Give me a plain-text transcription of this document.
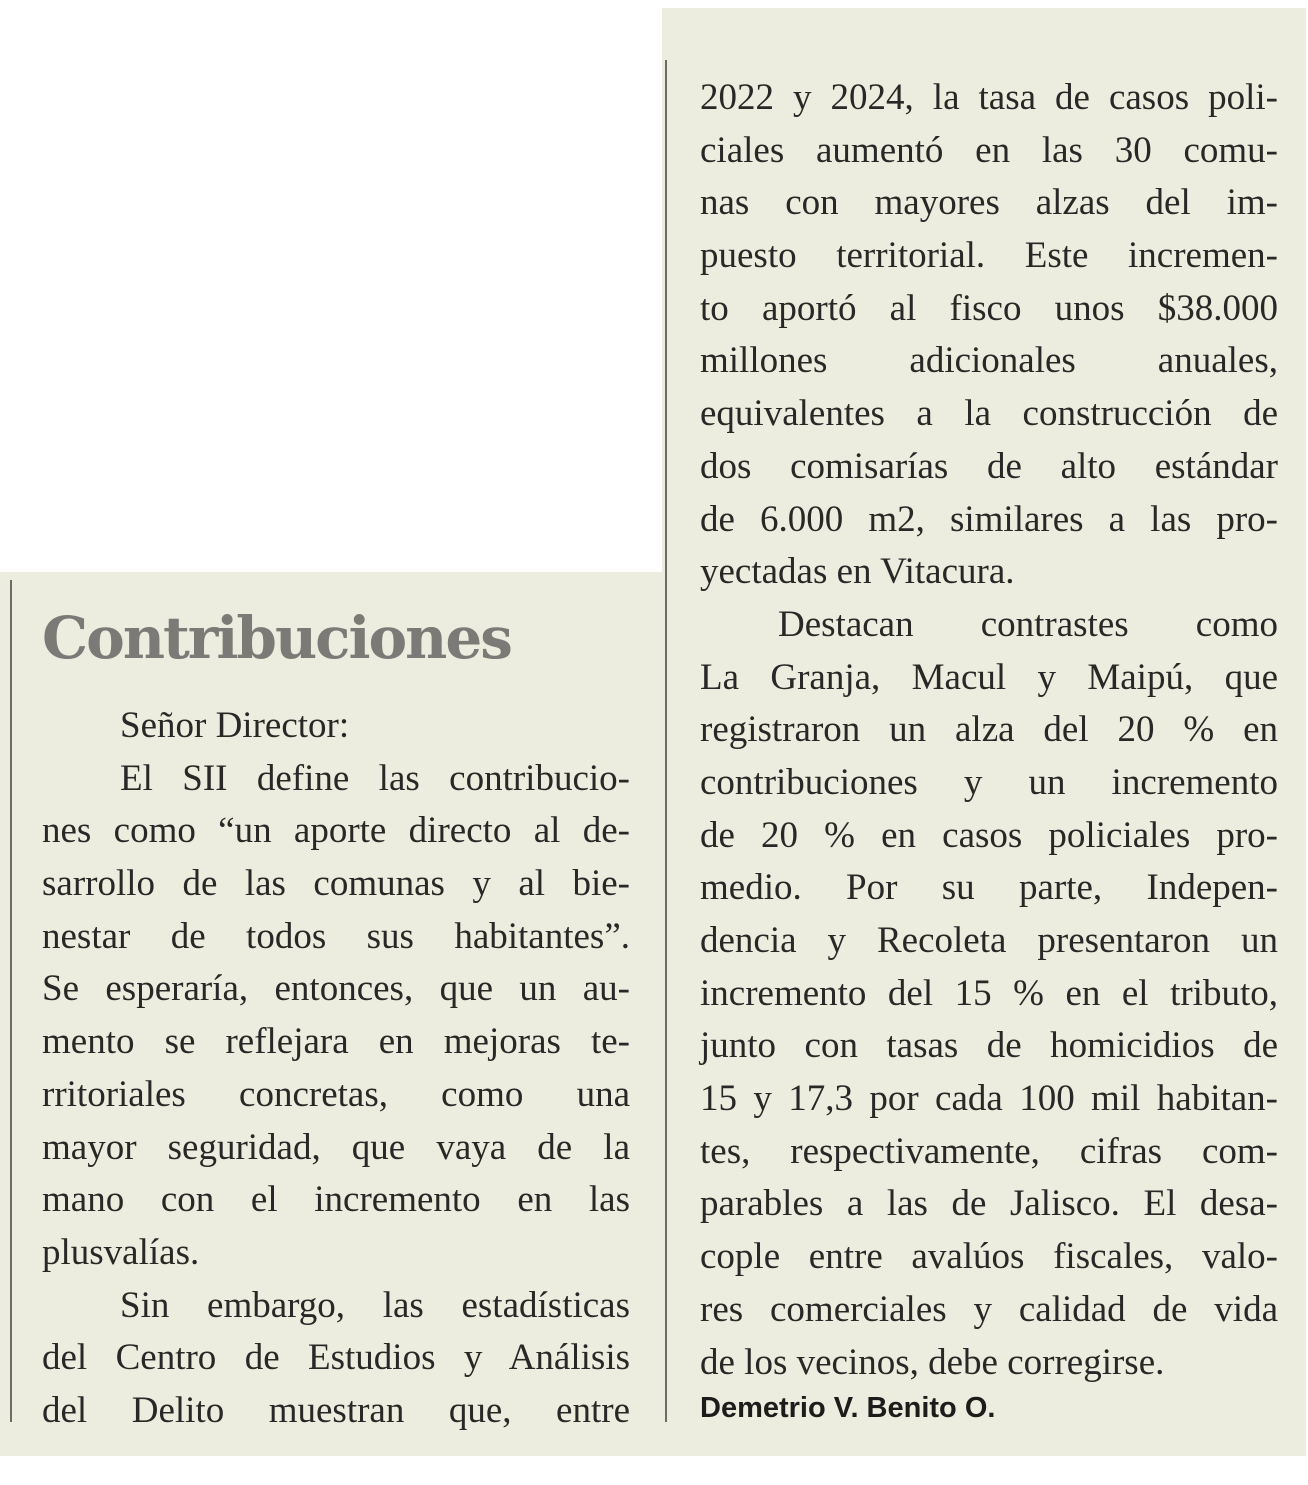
Contribuciones
Señor Director:
El SII define las contribucio-
nes como “un aporte directo al de-
sarrollo de las comunas y al bie-
nestar de todos sus habitantes”.
Se esperaría, entonces, que un au-
mento se reflejara en mejoras te-
rritoriales concretas, como una
mayor seguridad, que vaya de la
mano con el incremento en las
plusvalías.
Sin embargo, las estadísticas
del Centro de Estudios y Análisis
del Delito muestran que, entre
2022 y 2024, la tasa de casos poli-
ciales aumentó en las 30 comu-
nas con mayores alzas del im-
puesto territorial. Este incremen-
to aportó al fisco unos $38.000
millones adicionales anuales,
equivalentes a la construcción de
dos comisarías de alto estándar
de 6.000 m2, similares a las pro-
yectadas en Vitacura.
Destacan contrastes como
La Granja, Macul y Maipú, que
registraron un alza del 20 % en
contribuciones y un incremento
de 20 % en casos policiales pro-
medio. Por su parte, Indepen-
dencia y Recoleta presentaron un
incremento del 15 % en el tributo,
junto con tasas de homicidios de
15 y 17,3 por cada 100 mil habitan-
tes, respectivamente, cifras com-
parables a las de Jalisco. El desa-
cople entre avalúos fiscales, valo-
res comerciales y calidad de vida
de los vecinos, debe corregirse.
Demetrio V. Benito O.
